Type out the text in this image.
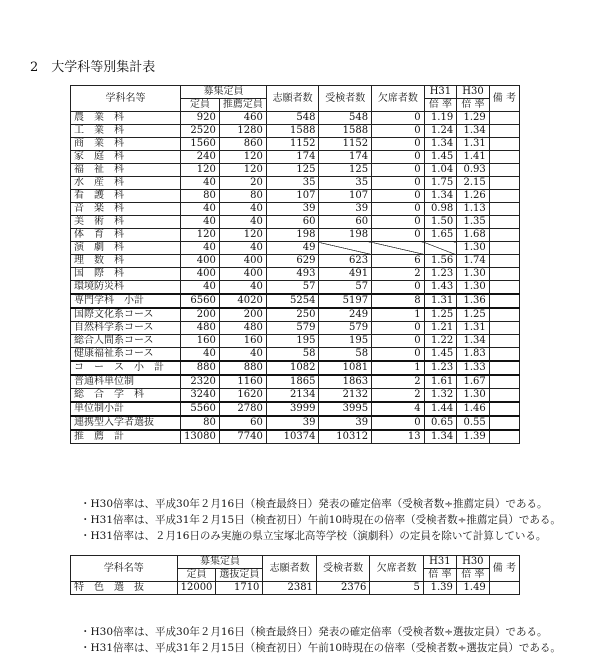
2　大学科等別集計表
学科名等	募集定員		志願者数	受検者数	欠席者数	H31	H30	備 考
	定員	推薦定員				倍 率	倍 率	
農　業　科	920	460	548	548	0	1.19	1.29	
工　業　科	2520	1280	1588	1588	0	1.24	1.34	
商　業　科	1560	860	1152	1152	0	1.34	1.31	
家　庭　科	240	120	174	174	0	1.45	1.41	
福　祉　科	120	120	125	125	0	1.04	0.93	
水　産　科	40	20	35	35	0	1.75	2.15	
看　護　科	80	80	107	107	0	1.34	1.26	
音　楽　科	40	40	39	39	0	0.98	1.13	
美　術　科	40	40	60	60	0	1.50	1.35	
体　育　科	120	120	198	198	0	1.65	1.68	
演　劇　科	40	40	49				1.30	
理　数　科	400	400	629	623	6	1.56	1.74	
国　際　科	400	400	493	491	2	1.23	1.30	
環境防災科	40	40	57	57	0	1.43	1.30	
専門学科　小計	6560	4020	5254	5197	8	1.31	1.36	
国際文化系コース	200	200	250	249	1	1.25	1.25	
自然科学系コース	480	480	579	579	0	1.21	1.31	
総合人間系コース	160	160	195	195	0	1.22	1.34	
健康福祉系コース	40	40	58	58	0	1.45	1.83	
コ　ー　ス　小　計	880	880	1082	1081	1	1.23	1.33	
普通科単位制	2320	1160	1865	1863	2	1.61	1.67	
総　合　学　科	3240	1620	2134	2132	2	1.32	1.30	
単位制小計	5560	2780	3999	3995	4	1.44	1.46	
連携型入学者選抜	80	60	39	39	0	0.65	0.55	
推　薦　計	13080	7740	10374	10312	13	1.34	1.39	
・H30倍率は、平成30年２月16日（検査最終日）発表の確定倍率（受検者数÷推薦定員）である。
・H31倍率は、平成31年２月15日（検査初日）午前10時現在の倍率（受検者数÷推薦定員）である。
・H31倍率は、２月16日のみ実施の県立宝塚北高等学校（演劇科）の定員を除いて計算している。
学科名等	募集定員		志願者数	受検者数	欠席者数	H31	H30	備 考
	定員	選抜定員				倍 率	倍 率	
特　色　選　抜	12000	1710	2381	2376	5	1.39	1.49	
・H30倍率は、平成30年２月16日（検査最終日）発表の確定倍率（受検者数÷選抜定員）である。
・H31倍率は、平成31年２月15日（検査初日）午前10時現在の倍率（受検者数÷選抜定員）である。
